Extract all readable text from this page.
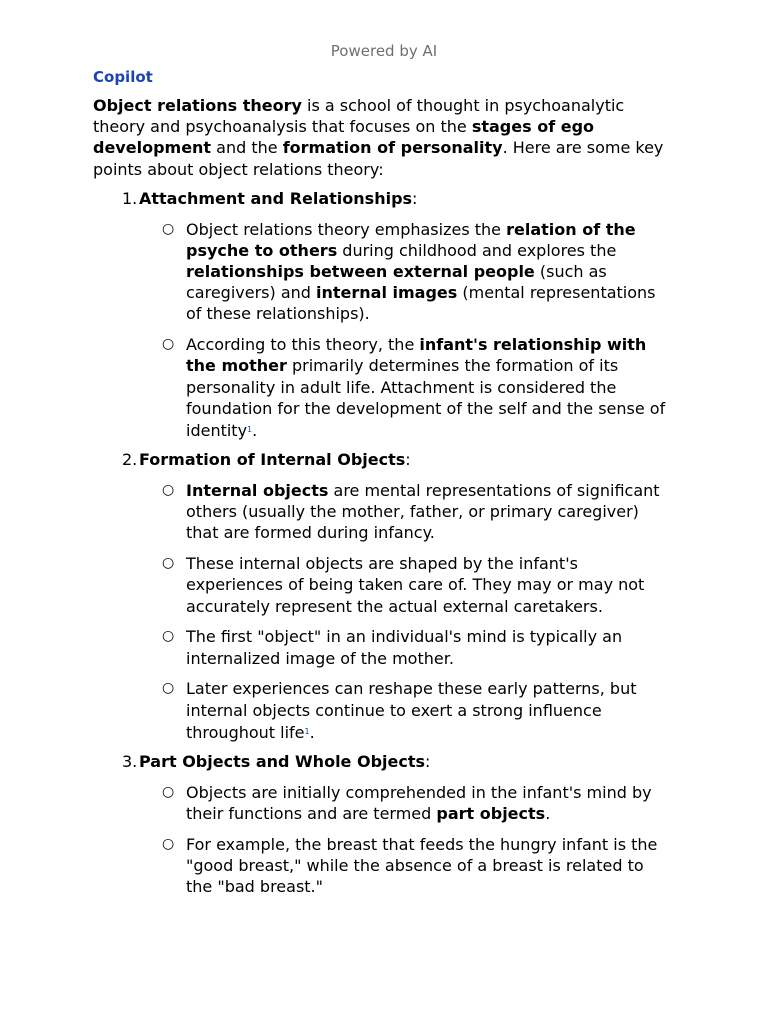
Powered by AI
Copilot

Object relations theory is a school of thought in psychoanalytic theory and psychoanalysis that focuses on the stages of ego development and the formation of personality. Here are some key points about object relations theory:

1. Attachment and Relationships:

○ Object relations theory emphasizes the relation of the psyche to others during childhood and explores the relationships between external people (such as caregivers) and internal images (mental representations of these relationships).

○ According to this theory, the infant's relationship with the mother primarily determines the formation of its personality in adult life. Attachment is considered the foundation for the development of the self and the sense of identity$^1$.

2. Formation of Internal Objects:

○ Internal objects are mental representations of significant others (usually the mother, father, or primary caregiver) that are formed during infancy.

○ These internal objects are shaped by the infant's experiences of being taken care of. They may or may not accurately represent the actual external caretakers.

○ The first "object" in an individual's mind is typically an internalized image of the mother.

○ Later experiences can reshape these early patterns, but internal objects continue to exert a strong influence throughout life$^1$.

3. Part Objects and Whole Objects:

○ Objects are initially comprehended in the infant's mind by their functions and are termed part objects.

○ For example, the breast that feeds the hungry infant is the "good breast," while the absence of a breast is related to the "bad breast."
